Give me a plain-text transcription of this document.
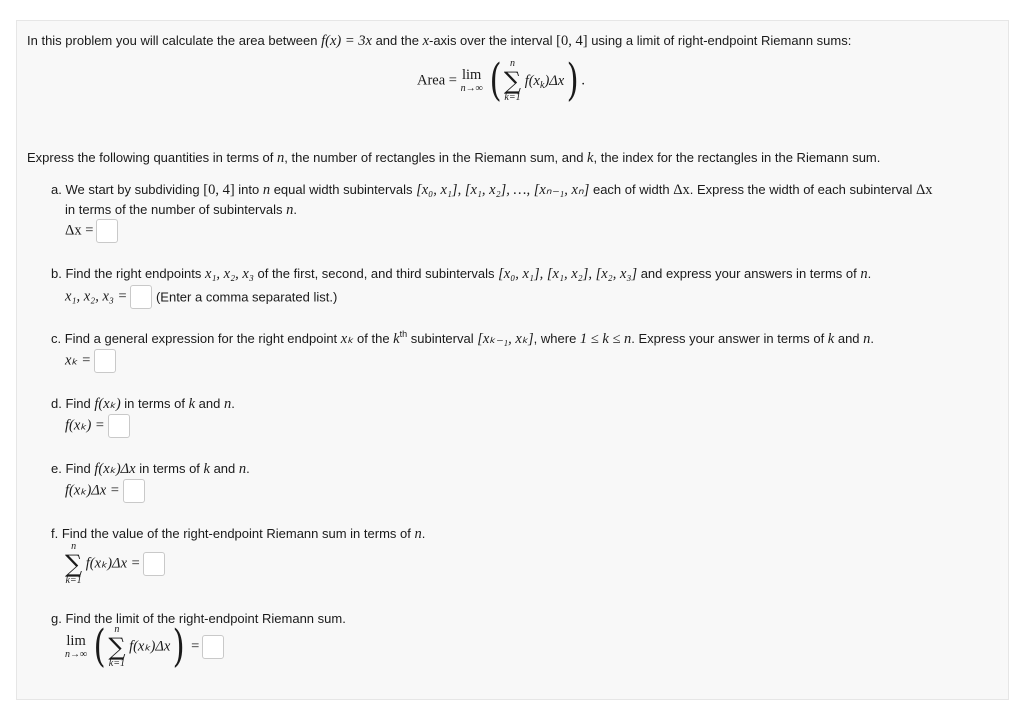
In this problem you will calculate the area between f(x) = 3x and the x-axis over the interval [0, 4] using a limit of right-endpoint Riemann sums:
Area = lim
n→∞ ( n
∑
k=1
$f(x_k)\Delta x$) .
Express the following quantities in terms of n, the number of rectangles in the Riemann sum, and k, the index for the rectangles in the Riemann sum.
a. We start by subdividing [0, 4] into n equal width subintervals [x₀, x₁], [x₁, x₂], …, [xₙ₋₁, xₙ] each of width Δx. Express the width of each subinterval Δx
in terms of the number of subintervals n.
Δx =
b. Find the right endpoints x₁, x₂, x₃ of the first, second, and third subintervals [x₀, x₁], [x₁, x₂], [x₂, x₃] and express your answers in terms of n.
x₁, x₂, x₃ = (Enter a comma separated list.)
c. Find a general expression for the right endpoint xₖ of the $k^{th}$ subinterval [xₖ₋₁, xₖ], where 1 ≤ k ≤ n. Express your answer in terms of k and n.
xₖ =
d. Find f(xₖ) in terms of k and n.
f(xₖ) =
e. Find f(xₖ)Δx in terms of k and n.
f(xₖ)Δx =
f. Find the value of the right-endpoint Riemann sum in terms of n.
n
∑
k=1
f(xₖ)Δx =
g. Find the limit of the right-endpoint Riemann sum.
lim
n→∞ ( n
∑
k=1
f(xₖ)Δx) =
